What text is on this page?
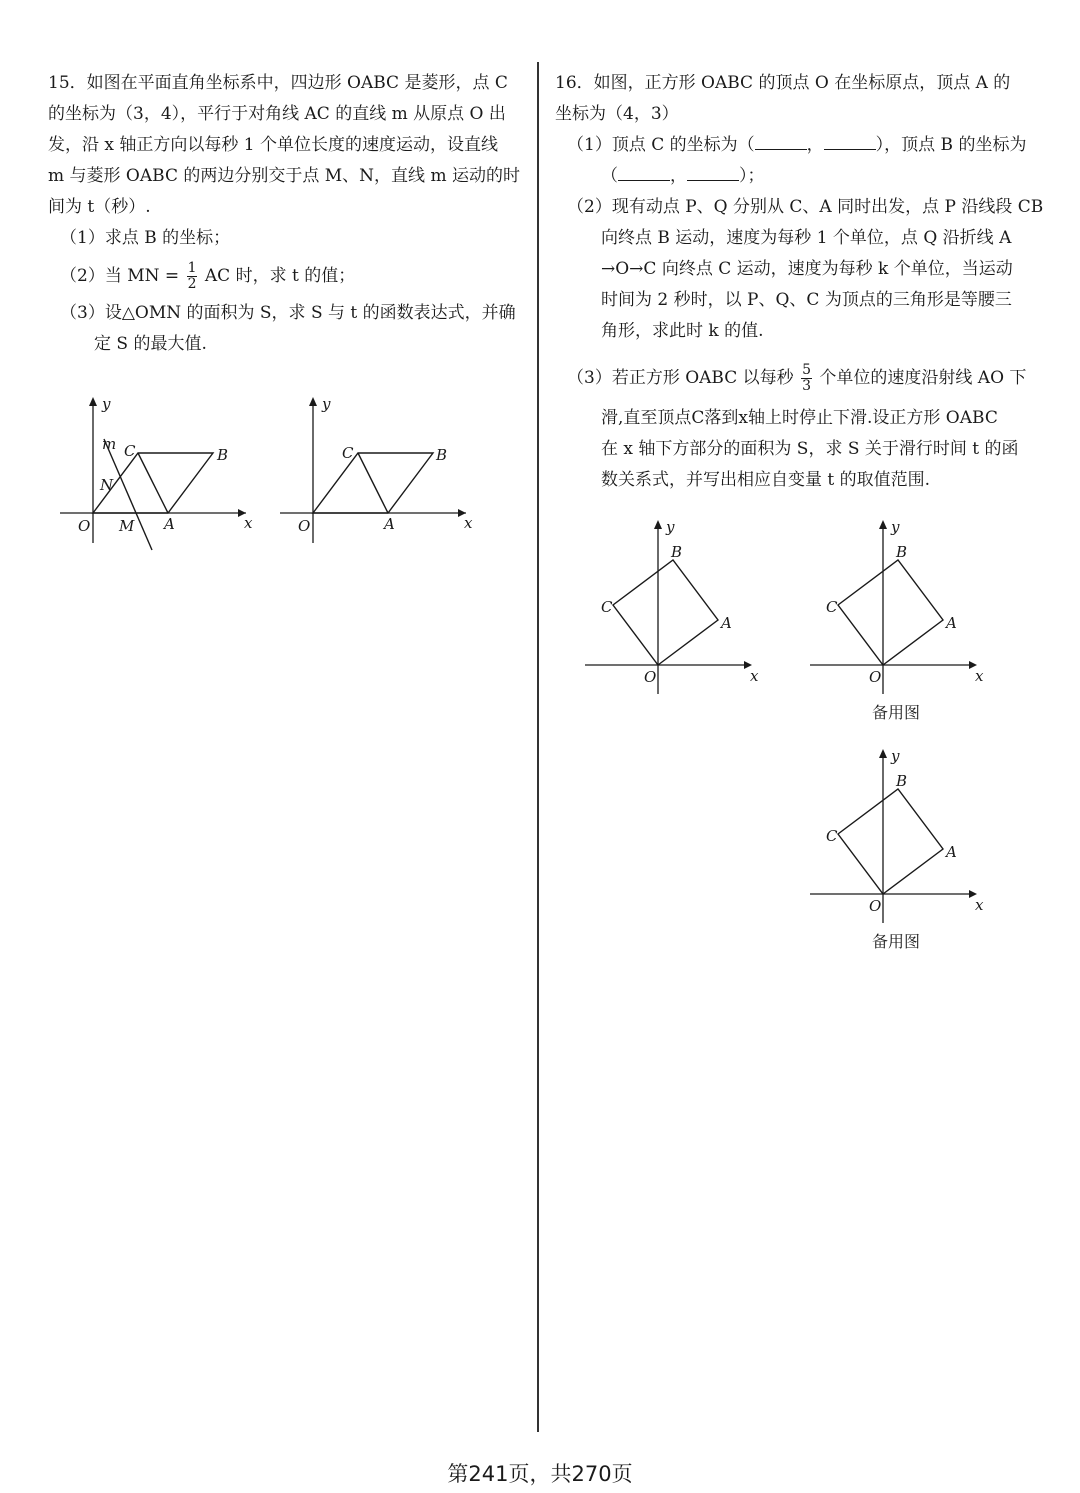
15．如图在平面直角坐标系中，四边形 OABC 是菱形，点 C
的坐标为（3，4），平行于对角线 AC 的直线 m 从原点 O 出
发，沿 x 轴正方向以每秒 1 个单位长度的速度运动，设直线
m 与菱形 OABC 的两边分别交于点 M、N，直线 m 运动的时
间为 t（秒）.
（1）求点 B 的坐标；
（2）当 MN = $\frac{1}{2}$ AC 时，求 t 的值；
（3）设△OMN 的面积为 S，求 S 与 t 的函数表达式，并确
定 S 的最大值.
y
x
O
C	B
A
m
N
M
y
x
O
C	B
A
16．如图，正方形 OABC 的顶点 O 在坐标原点，顶点 A 的
坐标为（4，3）
（1）顶点 C 的坐标为（	，	），顶点 B 的坐标为
（	，	）；
（2）现有动点 P、Q 分别从 C、A 同时出发，点 P 沿线段 CB
向终点 B 运动，速度为每秒 1 个单位，点 Q 沿折线 A
→O→C 向终点 C 运动，速度为每秒 k 个单位，当运动
时间为 2 秒时，以 P、Q、C 为顶点的三角形是等腰三
角形，求此时 k 的值.
（3）若正方形 OABC 以每秒 $\frac{5}{3}$ 个单位的速度沿射线 AO 下
滑,直至顶点C落到x轴上时停止下滑.设正方形 OABC
在 x 轴下方部分的面积为 S，求 S 关于滑行时间 t 的函
数关系式，并写出相应自变量 t 的取值范围.
y
x
O
A
B
C
y
x
O
A
B
C
备用图
y
x
O
A
B
C
备用图
第241页，共270页
